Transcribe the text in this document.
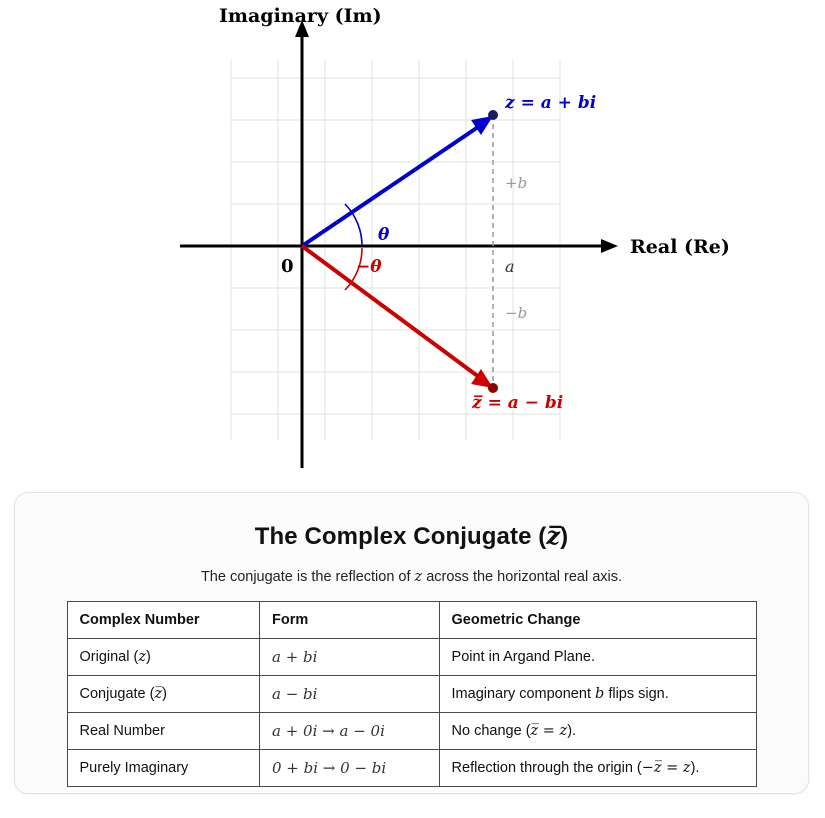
Imaginary (Im)
Real (Re)
0
z = a + bi
z̅ = a − bi
θ
−θ
+b
−b
a
The Complex Conjugate (z̅)
The conjugate is the reflection of z across the horizontal real axis.
Complex Number	Form	Geometric Change
Original (z)	a + bi	Point in Argand Plane.
Conjugate (z̅)	a − bi	Imaginary component b flips sign.
Real Number	a + 0i → a − 0i	No change (z̅ = z).
Purely Imaginary	0 + bi → 0 − bi	Reflection through the origin (−z̅ = z).
